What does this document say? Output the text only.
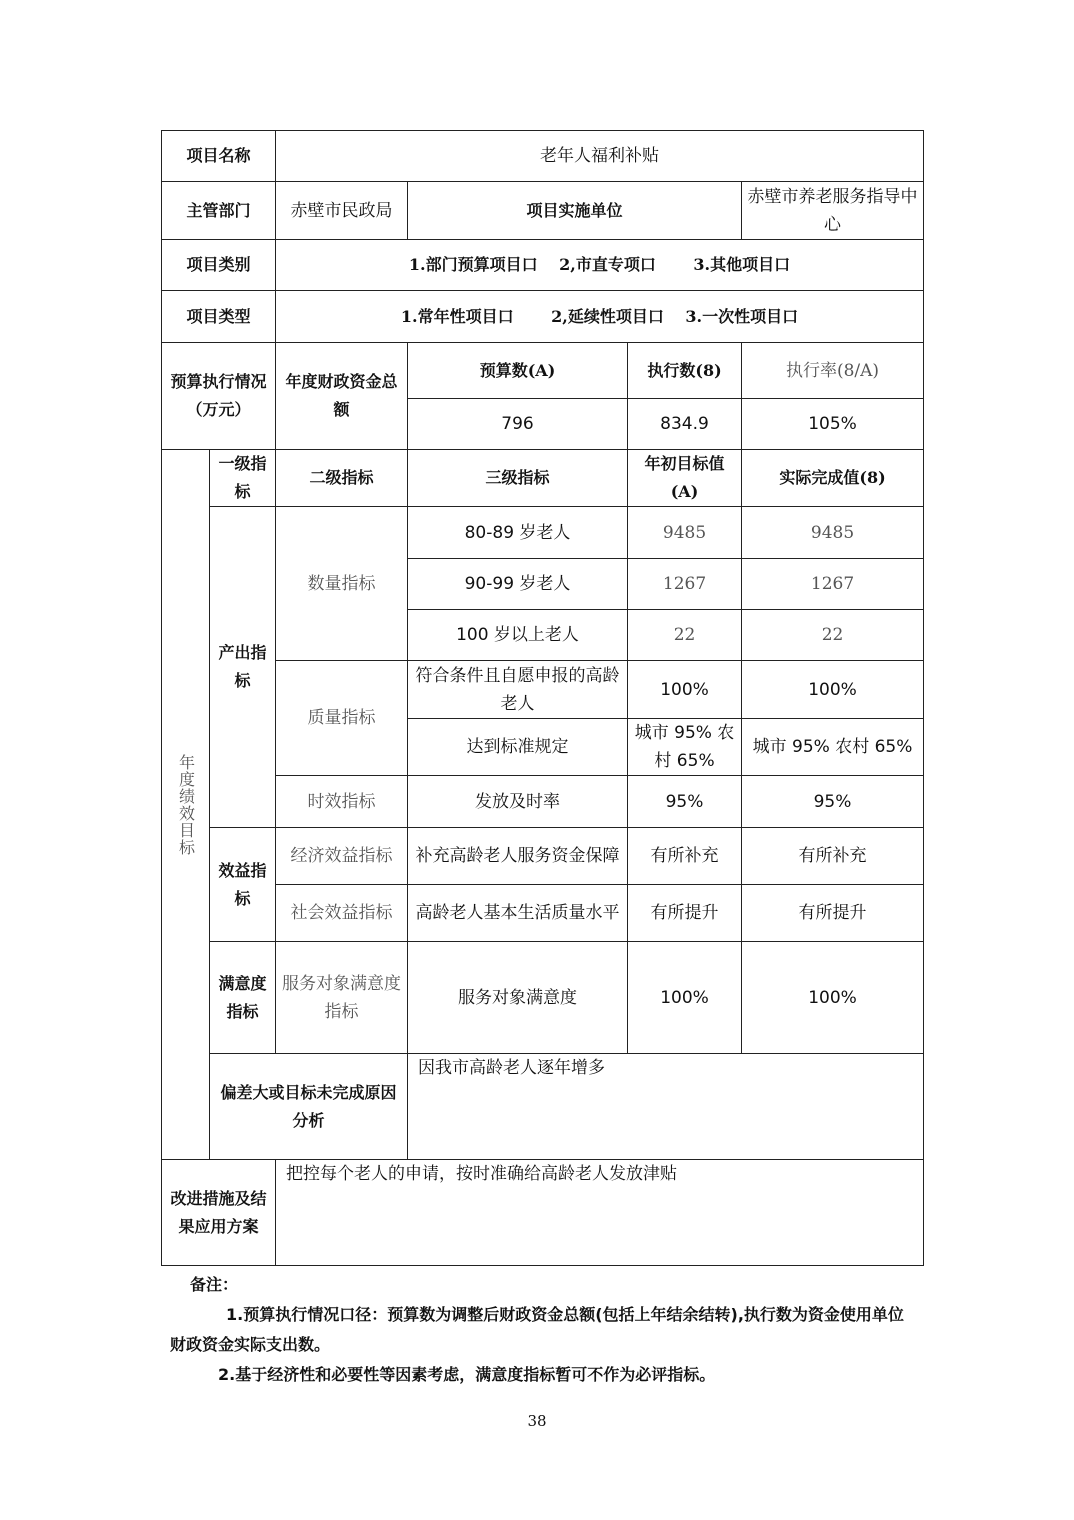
项目名称		老年人福利补贴			
主管部门		赤壁市民政局	项目实施单位		赤壁市养老服务指导中心
项目类别		1.部门预算项目口　 2,市直专项口　　 3.其他项目口			
项目类型		1.常年性项目口　　 2,延续性项目口　 3.一次性项目口			
预算执行情况（万元）		年度财政资金总额	预算数(A)	执行数(8)	执行率(8/A)
			796	834.9	105%
年度绩效目标	一级指标	二级指标	三级指标	年初目标值(A)	实际完成值(8)
	产出指标	数量指标	80-89 岁老人	9485	9485
			90-99 岁老人	1267	1267
			100 岁以上老人	22	22
		质量指标	符合条件且自愿申报的高龄老人	100%	100%
			达到标准规定	城市 95% 农村 65%	城市 95% 农村 65%
		时效指标	发放及时率	95%	95%
	效益指标	经济效益指标	补充高龄老人服务资金保障	有所补充	有所补充
		社会效益指标	高龄老人基本生活质量水平	有所提升	有所提升
	满意度指标	服务对象满意度指标	服务对象满意度	100%	100%
	偏差大或目标未完成原因分析		因我市高龄老人逐年增多		
改进措施及结果应用方案		把控每个老人的申请，按时准确给高龄老人发放津贴			
备注：
1.预算执行情况口径：预算数为调整后财政资金总额(包括上年结余结转),执行数为资金使用单位财政资金实际支出数。
2.基于经济性和必要性等因素考虑，满意度指标暂可不作为必评指标。
38
